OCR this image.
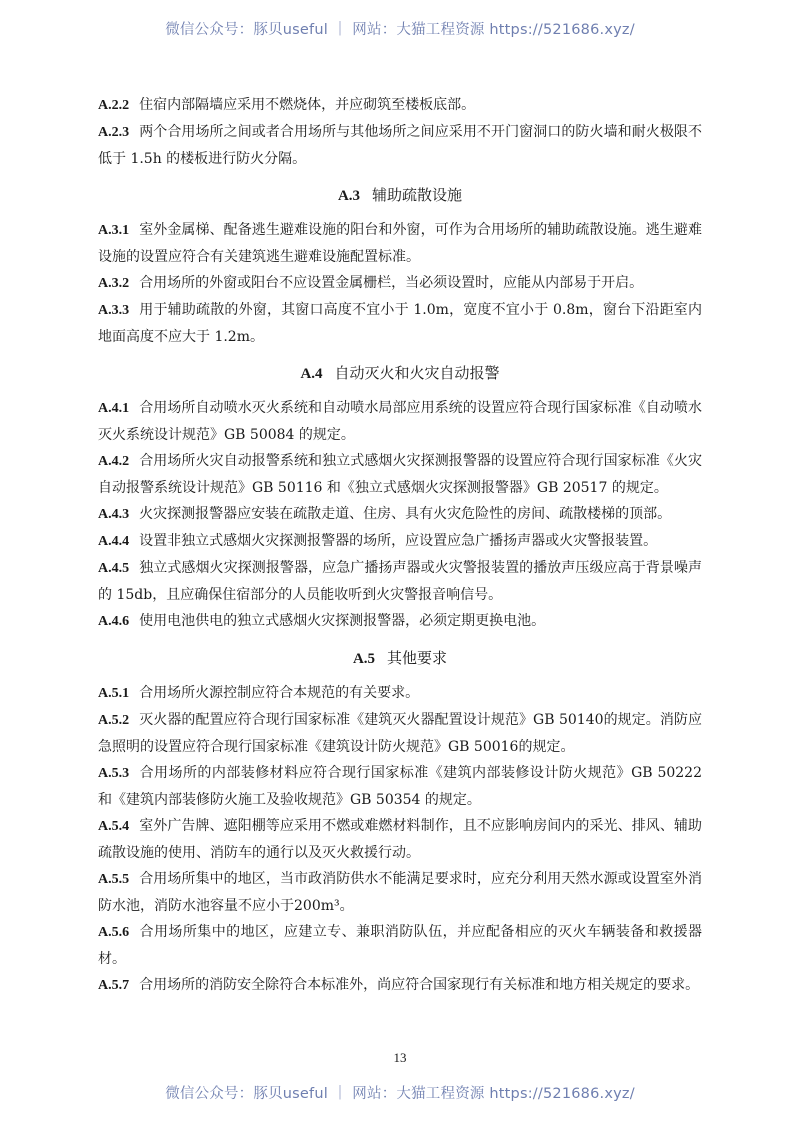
微信公众号：豚贝useful ｜ 网站：大猫工程资源 https://521686.xyz/

A.2.2 住宿内部隔墙应采用不燃烧体，并应砌筑至楼板底部。

A.2.3 两个合用场所之间或者合用场所与其他场所之间应采用不开门窗洞口的防火墙和耐火极限不低于 1.5h 的楼板进行防火分隔。

A.3 辅助疏散设施

A.3.1 室外金属梯、配备逃生避难设施的阳台和外窗，可作为合用场所的辅助疏散设施。逃生避难设施的设置应符合有关建筑逃生避难设施配置标准。

A.3.2 合用场所的外窗或阳台不应设置金属栅栏，当必须设置时，应能从内部易于开启。

A.3.3 用于辅助疏散的外窗，其窗口高度不宜小于 1.0m，宽度不宜小于 0.8m，窗台下沿距室内地面高度不应大于 1.2m。

A.4 自动灭火和火灾自动报警

A.4.1 合用场所自动喷水灭火系统和自动喷水局部应用系统的设置应符合现行国家标准《自动喷水灭火系统设计规范》GB 50084 的规定。

A.4.2 合用场所火灾自动报警系统和独立式感烟火灾探测报警器的设置应符合现行国家标准《火灾自动报警系统设计规范》GB 50116 和《独立式感烟火灾探测报警器》GB 20517 的规定。

A.4.3 火灾探测报警器应安装在疏散走道、住房、具有火灾危险性的房间、疏散楼梯的顶部。

A.4.4 设置非独立式感烟火灾探测报警器的场所，应设置应急广播扬声器或火灾警报装置。

A.4.5 独立式感烟火灾探测报警器，应急广播扬声器或火灾警报装置的播放声压级应高于背景噪声的 15db，且应确保住宿部分的人员能收听到火灾警报音响信号。

A.4.6 使用电池供电的独立式感烟火灾探测报警器，必须定期更换电池。

A.5 其他要求

A.5.1 合用场所火源控制应符合本规范的有关要求。

A.5.2 灭火器的配置应符合现行国家标准《建筑灭火器配置设计规范》GB 50140的规定。消防应急照明的设置应符合现行国家标准《建筑设计防火规范》GB 50016的规定。

A.5.3 合用场所的内部装修材料应符合现行国家标准《建筑内部装修设计防火规范》GB 50222 和《建筑内部装修防火施工及验收规范》GB 50354 的规定。

A.5.4 室外广告牌、遮阳棚等应采用不燃或难燃材料制作，且不应影响房间内的采光、排风、辅助疏散设施的使用、消防车的通行以及灭火救援行动。

A.5.5 合用场所集中的地区，当市政消防供水不能满足要求时，应充分利用天然水源或设置室外消防水池，消防水池容量不应小于200m³。

A.5.6 合用场所集中的地区，应建立专、兼职消防队伍，并应配备相应的灭火车辆装备和救援器材。

A.5.7 合用场所的消防安全除符合本标准外，尚应符合国家现行有关标准和地方相关规定的要求。

13
微信公众号：豚贝useful ｜ 网站：大猫工程资源 https://521686.xyz/
